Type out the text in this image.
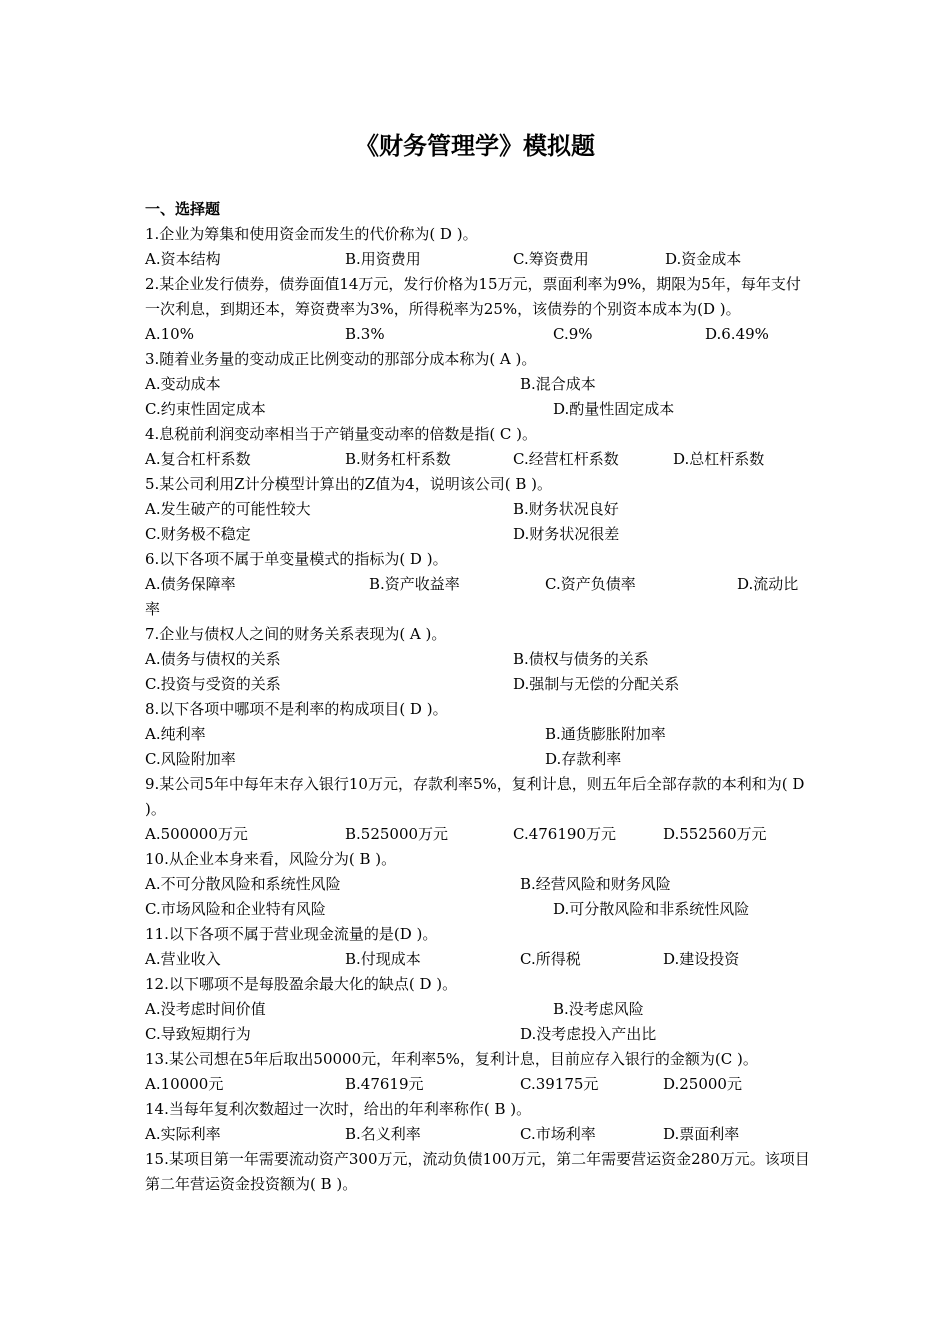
《财务管理学》模拟题
一、选择题
1.企业为筹集和使用资金而发生的代价称为( D )。
A.资本结构	B.用资费用	C.筹资费用	D.资金成本
2.某企业发行债券，债券面值14万元，发行价格为15万元，票面利率为9%，期限为5年，每年支付一次利息，到期还本，筹资费率为3%，所得税率为25%，该债券的个别资本成本为(D )。
A.10%	B.3%	C.9%	D.6.49%
3.随着业务量的变动成正比例变动的那部分成本称为( A )。
A.变动成本	B.混合成本
C.约束性固定成本	D.酌量性固定成本
4.息税前利润变动率相当于产销量变动率的倍数是指( C )。
A.复合杠杆系数	B.财务杠杆系数	C.经营杠杆系数	D.总杠杆系数
5.某公司利用Z计分模型计算出的Z值为4，说明该公司( B )。
A.发生破产的可能性较大	B.财务状况良好
C.财务极不稳定	D.财务状况很差
6.以下各项不属于单变量模式的指标为( D )。
A.债务保障率	B.资产收益率	C.资产负债率	D.流动比
率
7.企业与债权人之间的财务关系表现为( A )。
A.债务与债权的关系	B.债权与债务的关系
C.投资与受资的关系	D.强制与无偿的分配关系
8.以下各项中哪项不是利率的构成项目( D )。
A.纯利率	B.通货膨胀附加率
C.风险附加率	D.存款利率
9.某公司5年中每年末存入银行10万元，存款利率5%，复利计息，则五年后全部存款的本利和为( D )。
A.500000万元	B.525000万元	C.476190万元	D.552560万元
10.从企业本身来看，风险分为( B )。
A.不可分散风险和系统性风险	B.经营风险和财务风险
C.市场风险和企业特有风险	D.可分散风险和非系统性风险
11.以下各项不属于营业现金流量的是(D )。
A.营业收入	B.付现成本	C.所得税	D.建设投资
12.以下哪项不是每股盈余最大化的缺点( D )。
A.没考虑时间价值	B.没考虑风险
C.导致短期行为	D.没考虑投入产出比
13.某公司想在5年后取出50000元，年利率5%，复利计息，目前应存入银行的金额为(C )。
A.10000元	B.47619元	C.39175元	D.25000元
14.当每年复利次数超过一次时，给出的年利率称作( B )。
A.实际利率	B.名义利率	C.市场利率	D.票面利率
15.某项目第一年需要流动资产300万元，流动负债100万元，第二年需要营运资金280万元。该项目第二年营运资金投资额为( B )。
